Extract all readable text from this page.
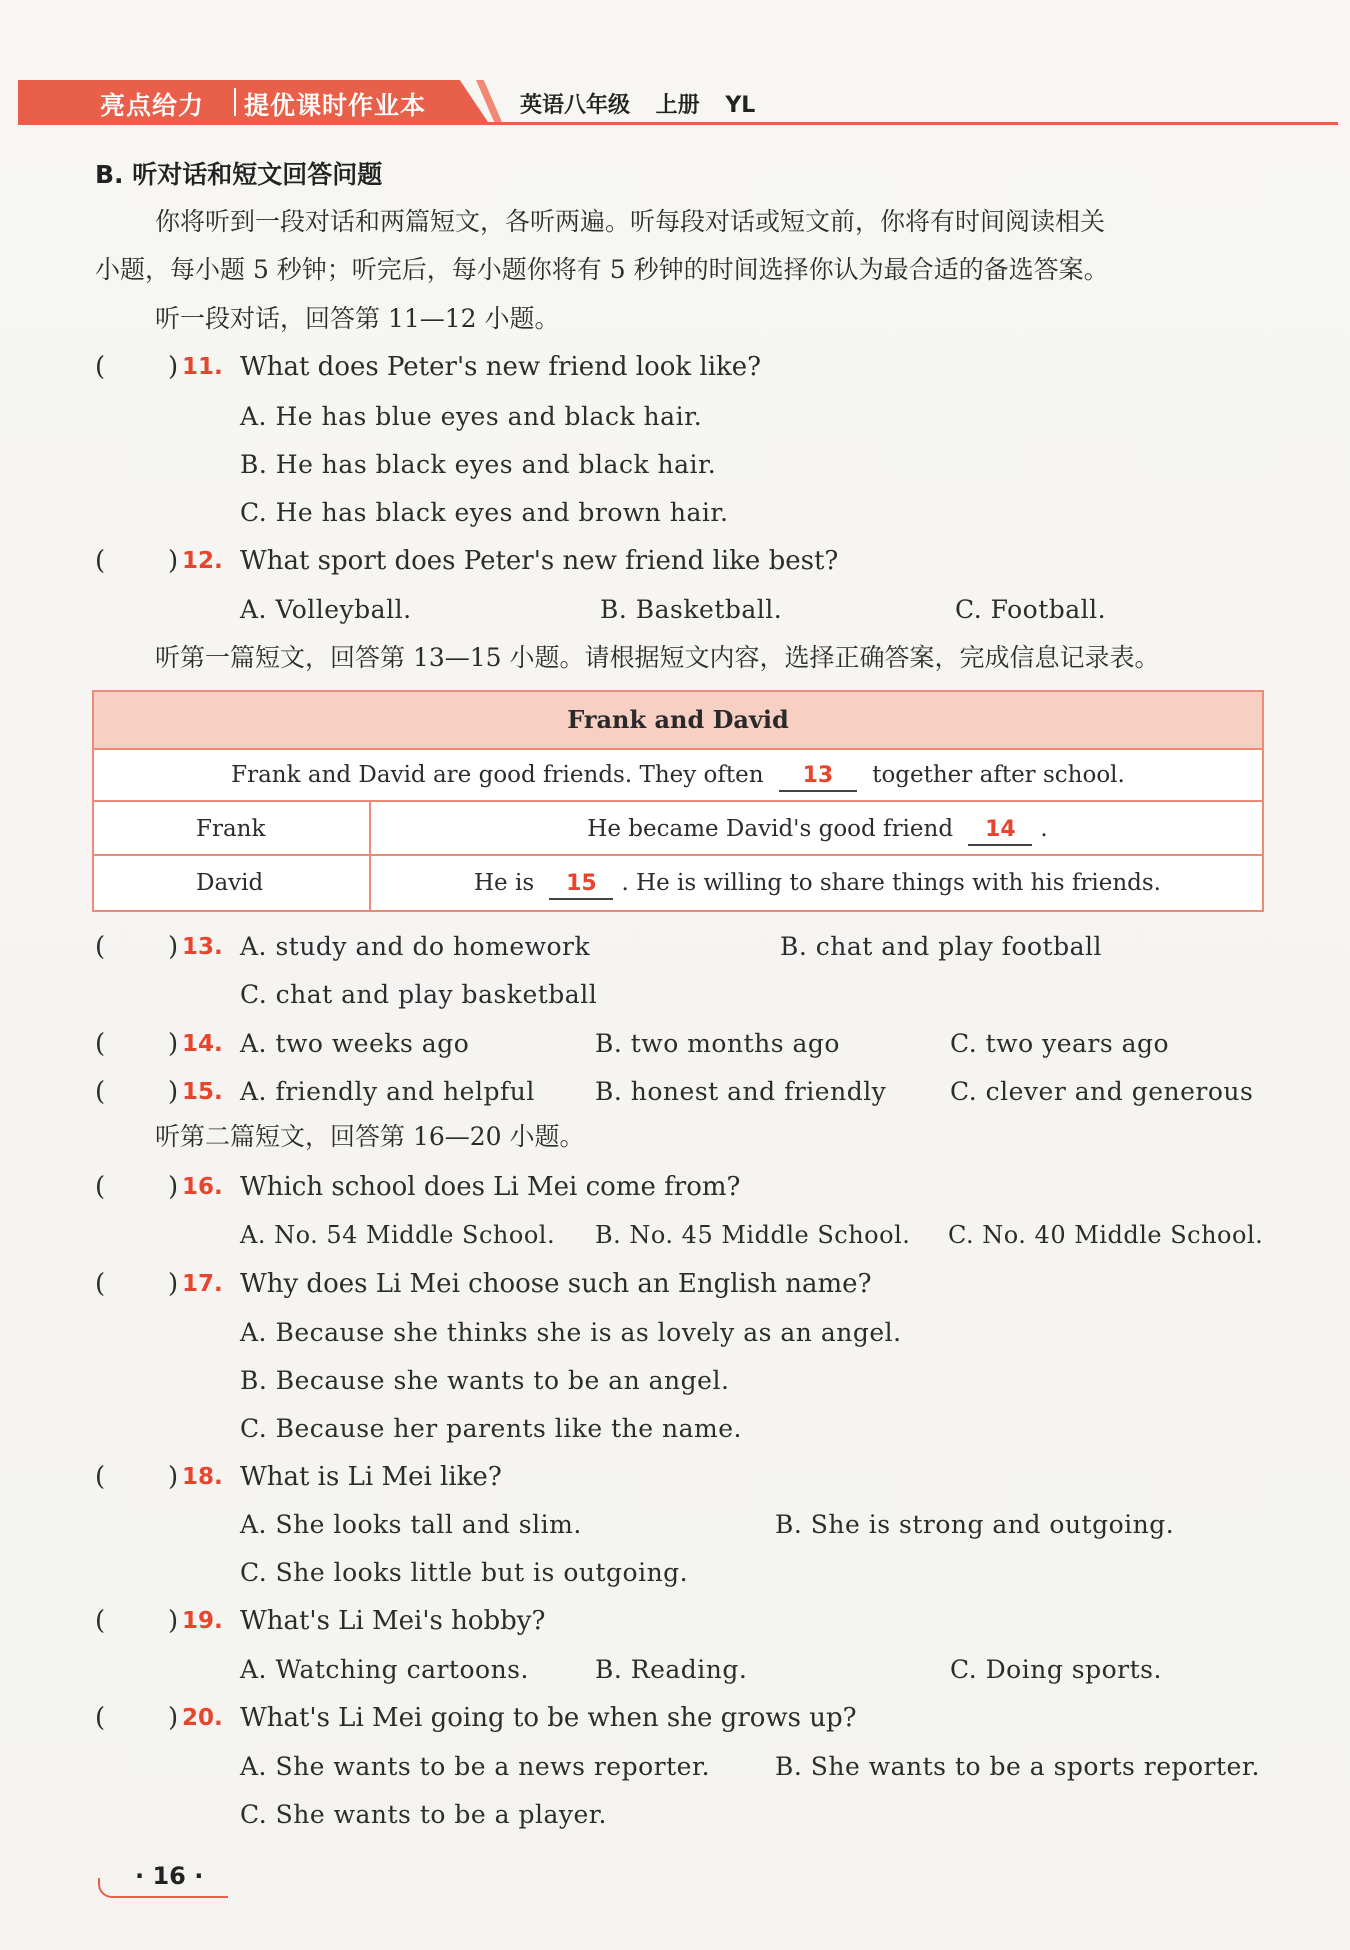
亮点给力 提优课时作业本	英语八年级 上册 YL
B. 听对话和短文回答问题
你将听到一段对话和两篇短文，各听两遍。听每段对话或短文前，你将有时间阅读相关
小题，每小题 5 秒钟；听完后，每小题你将有 5 秒钟的时间选择你认为最合适的备选答案。
听一段对话，回答第 11—12 小题。
( ) 11. What does Peter's new friend look like?
A. He has blue eyes and black hair.
B. He has black eyes and black hair.
C. He has black eyes and brown hair.
( ) 12. What sport does Peter's new friend like best?
A. Volleyball.	B. Basketball.	C. Football.
听第一篇短文，回答第 13—15 小题。请根据短文内容，选择正确答案，完成信息记录表。
Frank and David
Frank and David are good friends. They often 13 together after school.
Frank	He became David's good friend 14 .
David	He is 15 . He is willing to share things with his friends.
( ) 13. A. study and do homework	B. chat and play football
C. chat and play basketball
( ) 14. A. two weeks ago	B. two months ago	C. two years ago
( ) 15. A. friendly and helpful B. honest and friendly	C. clever and generous
听第二篇短文，回答第 16—20 小题。
( ) 16. Which school does Li Mei come from?
A. No. 54 Middle School. B. No. 45 Middle School. C. No. 40 Middle School.
( ) 17. Why does Li Mei choose such an English name?
A. Because she thinks she is as lovely as an angel.
B. Because she wants to be an angel.
C. Because her parents like the name.
( ) 18. What is Li Mei like?
A. She looks tall and slim.	B. She is strong and outgoing.
C. She looks little but is outgoing.
( ) 19. What's Li Mei's hobby?
A. Watching cartoons.	B. Reading.	C. Doing sports.
( ) 20. What's Li Mei going to be when she grows up?
A. She wants to be a news reporter.	B. She wants to be a sports reporter.
C. She wants to be a player.
· 16 ·
